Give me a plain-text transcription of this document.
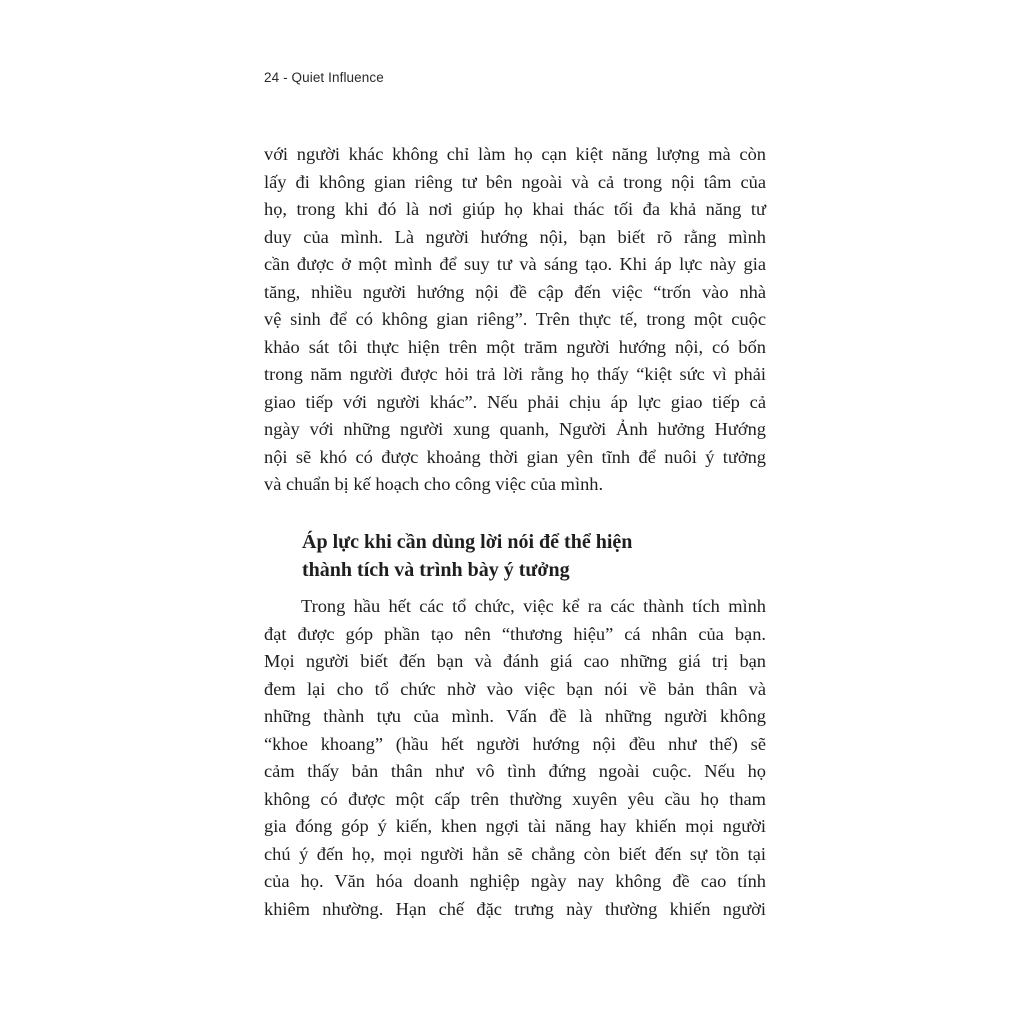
24 - Quiet Influence
với người khác không chỉ làm họ cạn kiệt năng lượng mà còn
lấy đi không gian riêng tư bên ngoài và cả trong nội tâm của
họ, trong khi đó là nơi giúp họ khai thác tối đa khả năng tư
duy của mình. Là người hướng nội, bạn biết rõ rằng mình
cần được ở một mình để suy tư và sáng tạo. Khi áp lực này gia
tăng, nhiều người hướng nội đề cập đến việc “trốn vào nhà
vệ sinh để có không gian riêng”. Trên thực tế, trong một cuộc
khảo sát tôi thực hiện trên một trăm người hướng nội, có bốn
trong năm người được hỏi trả lời rằng họ thấy “kiệt sức vì phải
giao tiếp với người khác”. Nếu phải chịu áp lực giao tiếp cả
ngày với những người xung quanh, Người Ảnh hưởng Hướng
nội sẽ khó có được khoảng thời gian yên tĩnh để nuôi ý tưởng
và chuẩn bị kế hoạch cho công việc của mình.
Áp lực khi cần dùng lời nói để thể hiện
thành tích và trình bày ý tưởng
Trong hầu hết các tổ chức, việc kể ra các thành tích mình
đạt được góp phần tạo nên “thương hiệu” cá nhân của bạn.
Mọi người biết đến bạn và đánh giá cao những giá trị bạn
đem lại cho tổ chức nhờ vào việc bạn nói về bản thân và
những thành tựu của mình. Vấn đề là những người không
“khoe khoang” (hầu hết người hướng nội đều như thế) sẽ
cảm thấy bản thân như vô tình đứng ngoài cuộc. Nếu họ
không có được một cấp trên thường xuyên yêu cầu họ tham
gia đóng góp ý kiến, khen ngợi tài năng hay khiến mọi người
chú ý đến họ, mọi người hẳn sẽ chẳng còn biết đến sự tồn tại
của họ. Văn hóa doanh nghiệp ngày nay không đề cao tính
khiêm nhường. Hạn chế đặc trưng này thường khiến người
